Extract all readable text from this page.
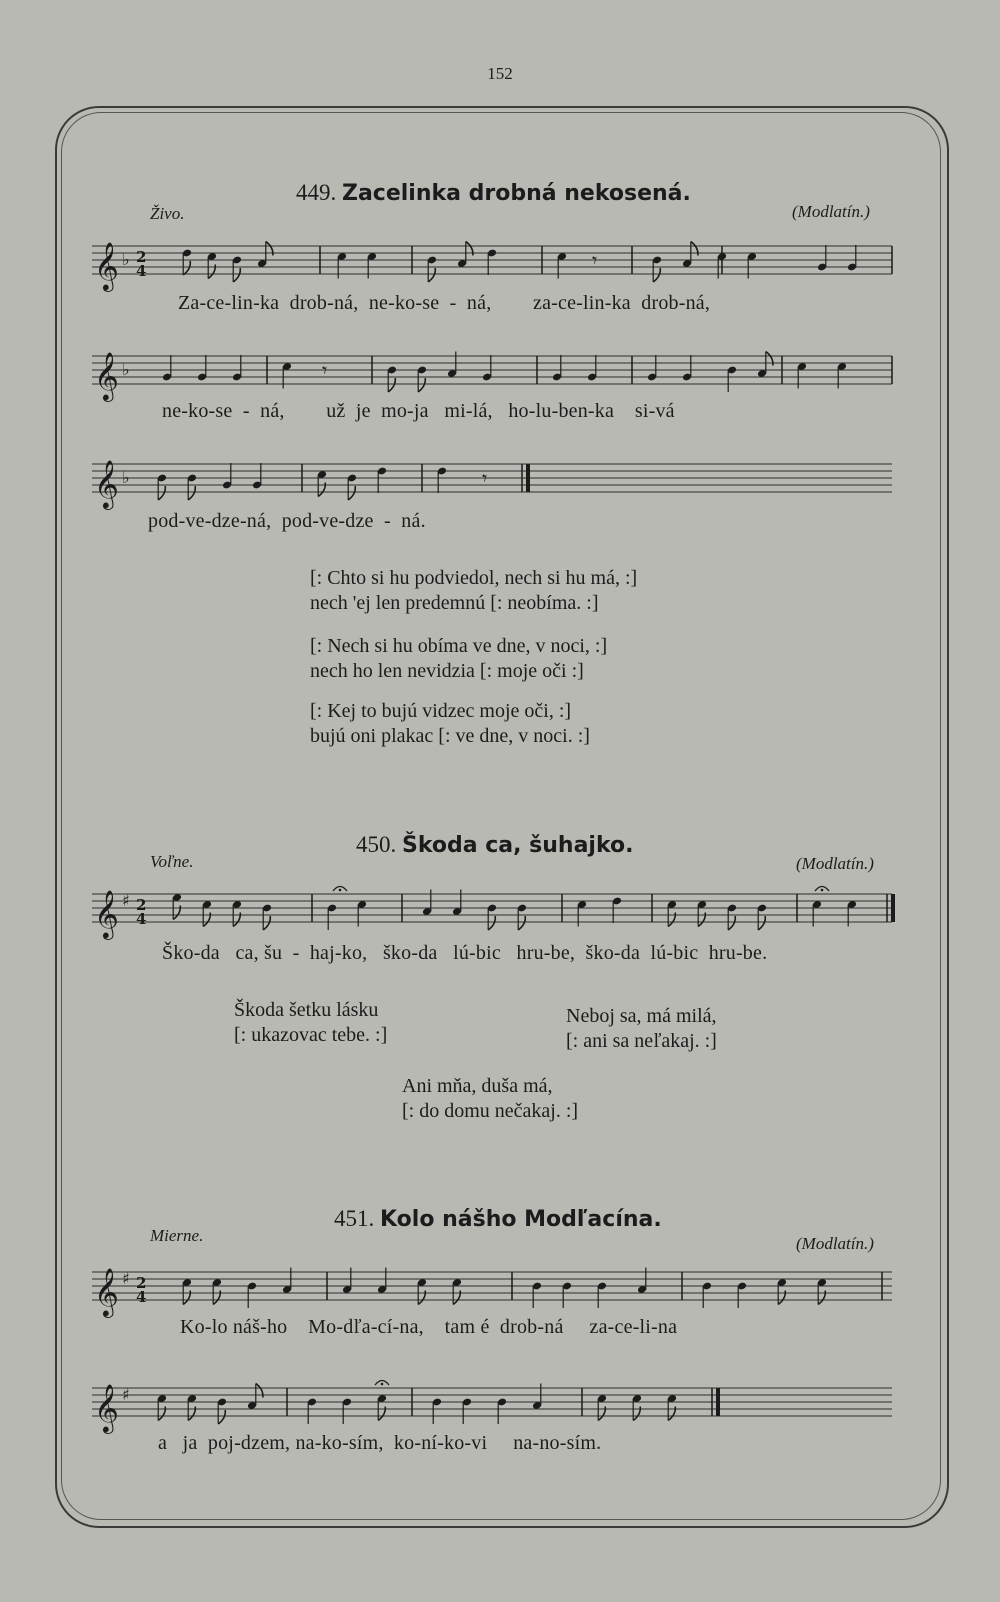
152
449. Zacelinka drobná nekosená.
Živo.	(Modlatín.)
𝄞 ♭ 2
4	𝄾
Za-ce-lin-ka  drob-ná,  ne-ko-se  -  ná,        za-ce-lin-ka  drob-ná,
𝄞 ♭	𝄾
ne-ko-se  -  ná,        už  je  mo-ja   mi-lá,   ho-lu-ben-ka    si-vá
𝄞 ♭	𝄾
pod-ve-dze-ná,  pod-ve-dze  -  ná.
[: Chto si hu podviedol, nech si hu má, :]
nech 'ej len predemnú [: neobíma. :]
[: Nech si hu obíma ve dne, v noci, :]
nech ho len nevidzia [: moje oči :]
[: Kej to bujú vidzec moje oči, :]
bujú oni plakac [: ve dne, v noci. :]
450. Škoda ca, šuhajko.
Voľne.	(Modlatín.)
𝄞 ♯ 2
4
Ško-da   ca, šu  -  haj-ko,   ško-da   lú-bic   hru-be,  ško-da  lú-bic  hru-be.
Škoda šetku lásku
[: ukazovac tebe. :]
Neboj sa, má milá,
[: ani sa neľakaj. :]
Ani mňa, duša má,
[: do domu nečakaj. :]
451. Kolo nášho Modľacína.
Mierne.	(Modlatín.)
𝄞 ♯ 2
4
Ko-lo náš-ho    Mo-dľa-cí-na,    tam é  drob-ná     za-ce-li-na
𝄞 ♯
a   ja  poj-dzem, na-ko-sím,  ko-ní-ko-vi     na-no-sím.
